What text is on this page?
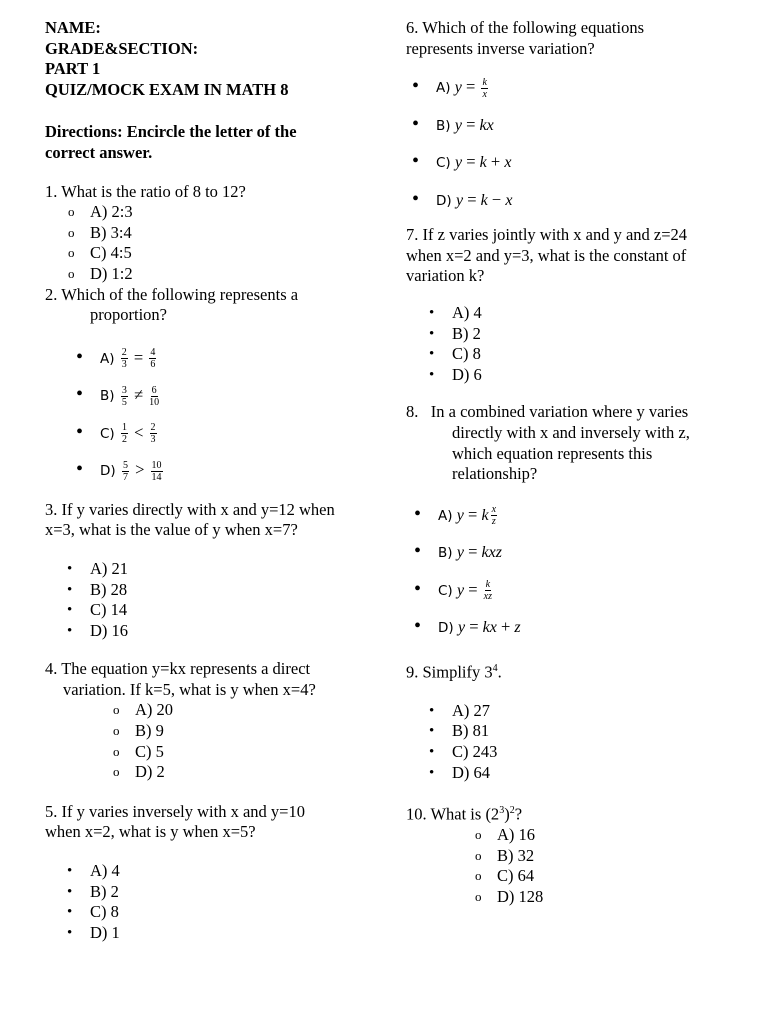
NAME:
GRADE&SECTION:
PART 1
QUIZ/MOCK EXAM IN MATH 8
Directions: Encircle the letter of the
correct answer.
1. What is the ratio of 8 to 12?
o A) 2:3
o B) 3:4
o C) 4:5
o D) 1:2
2. Which of the following represents a
proportion?
• $A) \frac{2}{3} = \frac{4}{6}$
• $B) \frac{3}{5} \ne \frac{6}{10}$
• $C) \frac{1}{2} < \frac{2}{3}$
• $D) \frac{5}{7} > \frac{10}{14}$
3. If y varies directly with x and y=12 when
x=3, what is the value of y when x=7?
• A) 21
• B) 28
• C) 14
• D) 16
4. The equation y=kx represents a direct
variation. If k=5, what is y when x=4?
o A) 20
o B) 9
o C) 5
o D) 2
5. If y varies inversely with x and y=10
when x=2, what is y when x=5?
• A) 4
• B) 2
• C) 8
• D) 1
6. Which of the following equations
represents inverse variation?
• A) $y = \frac{k}{x}$
• B) y = kx
• C) y = k + x
• D) y = k − x
7. If z varies jointly with x and y and z=24
when x=2 and y=3, what is the constant of
variation k?
• A) 4
• B) 2
• C) 8
• D) 6
8.   In a combined variation where y varies
directly with x and inversely with z,
which equation represents this
relationship?
• A) y = k $\frac{x}{z}$
• B) y = kxz
• C) $y = \frac{k}{xz}$
• D) y = kx + z
9. Simplify $3^4$.
• A) 27
• B) 81
• C) 243
• D) 64
10. What is $(2^3)^2$?
o A) 16
o B) 32
o C) 64
o D) 128
